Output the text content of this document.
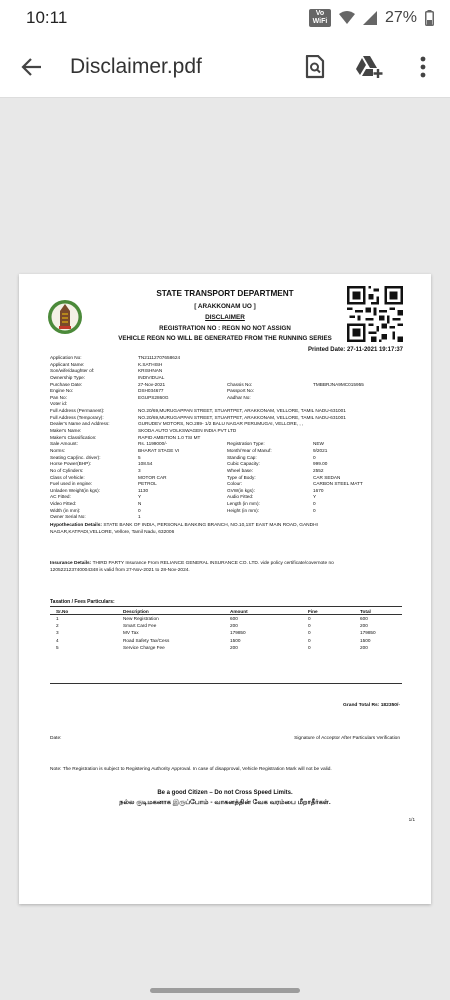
10:11	Vo
WiFi	27%
Disclaimer.pdf
STATE TRANSPORT DEPARTMENT
[ ARAKKONAM UO ]
DISCLAIMER
REGISTRATION NO : REGN NO NOT ASSIGN
VEHICLE REGN NO WILL BE GENERATED FROM THE RUNNING SERIES
Printed Date: 27-11-2021 19:17:37
Application No:	TN21112707658624
Applicant Name:	K.SATHISH
Son/wife/daughter of:	KRISHNAN
Ownership Type:	INDIVIDUAL
Purchase Date:	27-Nov-2021	Chassis No:	TMBBRJNA9MC015955
Engine No:	DSH034677	Passport No:
Pan No:	EGUPS2860G	Aadhar No:
Voter id:
Full Address (Permanent):	NO.20/69,MURUGAPPAN STREET, STUARTPET, ARAKKONAM, VELLORE, TAMIL NADU-631001
Full Address (Temporary):	NO.20/69,MURUGAPPAN STREET, STUARTPET, ARAKKONAM, VELLORE, TAMIL NADU-631001
Dealer's Name and Address:	GURUDEV MOTORS, NO.289- 1/2 BALU NAGAR PERUMUGAI, VELLORE, , ,
Maker's Name:	SKODA AUTO VOLKSWAGEN INDIA PVT LTD
Maker's Classification:	RAPID AMBITION 1.0 TSI MT
Sale Amount:	Rs. 1199000/-	Registration Type:	NEW
Norms:	BHARAT STAGE VI	Month/Year of Manuf:	9/2021
Seating Cap(inc. driver):	5	Standing Cap:	0
Horse Power(BHP):	108.54	Cubic Capacity:	999.00
No of Cylinders:	3	Wheel base:	2552
Class of Vehicle:	MOTOR CAR	Type of Body:	CAR SEDAN
Fuel used in engine:	PETROL	Colour:	CARBON STEEL MATT
Unladen Weight(in kgs):	1130	GVW(in kgs):	1670
AC Fitted:	Y	Audio Fitted:	Y
Video Fitted:	N	Length (in mm):	0
Width (in mm):	0	Height (in mm):	0
Owner Serial No:	1
Hypothecation Details: STATE BANK OF INDIA, PERSONAL BANKING BRANCH, NO.10,1ST EAST MAIN ROAD, GANDHI
NAGAR,KATPADI,VELLORE, Vellore, Tamil Nadu, 632006
Insurance Details: THIRD PARTY Insurance From RELIANCE GENERAL INSURANCE CO. LTD. vide policy certificate/covernote no
120522123740004348 is valid from 27-Nov-2021 to 28-Nov-2024.
Taxation / Fees Particulars:
Sr.No	Description	Amount	Fine	Total
1	New Registration	600	0	600
2	Smart Card Fee	200	0	200
3	MV Tax	179850	0	179850
4	Road Safety Tax/Cess	1500	0	1500
5	Service Charge Fee	200	0	200
Grand Total Rs: 182350/-
Date:	Signature of Acceptor After Particulars Verification
Note: The Registration is subject to Registering Authority Approval. In case of disapproval, Vehicle Registration Mark will not be valid.
Be a good Citizen – Do not Cross Speed Limits.
நல்ல குடிமகனாக இருப்போம் - வாகனத்தின் வேக வரம்பை மீறாதீர்கள்.
1/1
